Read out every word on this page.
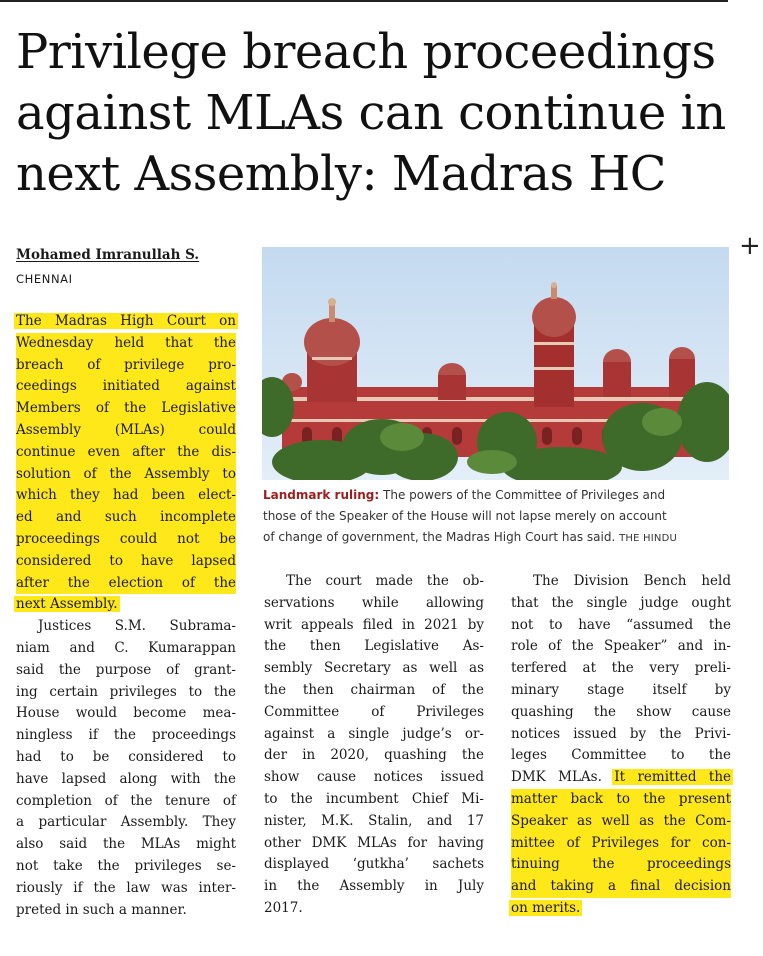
Privilege breach proceedings
against MLAs can continue in
next Assembly: Madras HC
+

Mohamed Imranullah S.

CHENNAI

Landmark ruling: The powers of the Committee of Privileges and
those of the Speaker of the House will not lapse merely on account
of change of government, the Madras High Court has said. THE HINDU
The Madras High Court on
Wednesday held that the
breach of privilege pro-
ceedings initiated against
Members of the Legislative
Assembly (MLAs) could
continue even after the dis-
solution of the Assembly to
which they had been elect-
ed and such incomplete
proceedings could not be
considered to have lapsed
after the election of the
next Assembly.
Justices S.M. Subrama-
niam and C. Kumarappan
said the purpose of grant-
ing certain privileges to the
House would become mea-
ningless if the proceedings
had to be considered to
have lapsed along with the
completion of the tenure of
a particular Assembly. They
also said the MLAs might
not take the privileges se-
riously if the law was inter-
preted in such a manner.
The court made the ob-
servations while allowing
writ appeals filed in 2021 by
the then Legislative As-
sembly Secretary as well as
the then chairman of the
Committee of Privileges
against a single judge’s or-
der in 2020, quashing the
show cause notices issued
to the incumbent Chief Mi-
nister, M.K. Stalin, and 17
other DMK MLAs for having
displayed ‘gutkha’ sachets
in the Assembly in July
2017.
The Division Bench held
that the single judge ought
not to have “assumed the
role of the Speaker” and in-
terfered at the very preli-
minary stage itself by
quashing the show cause
notices issued by the Privi-
leges Committee to the
DMK MLAs. It remitted the
matter back to the present
Speaker as well as the Com-
mittee of Privileges for con-
tinuing the proceedings
and taking a final decision
on merits.
